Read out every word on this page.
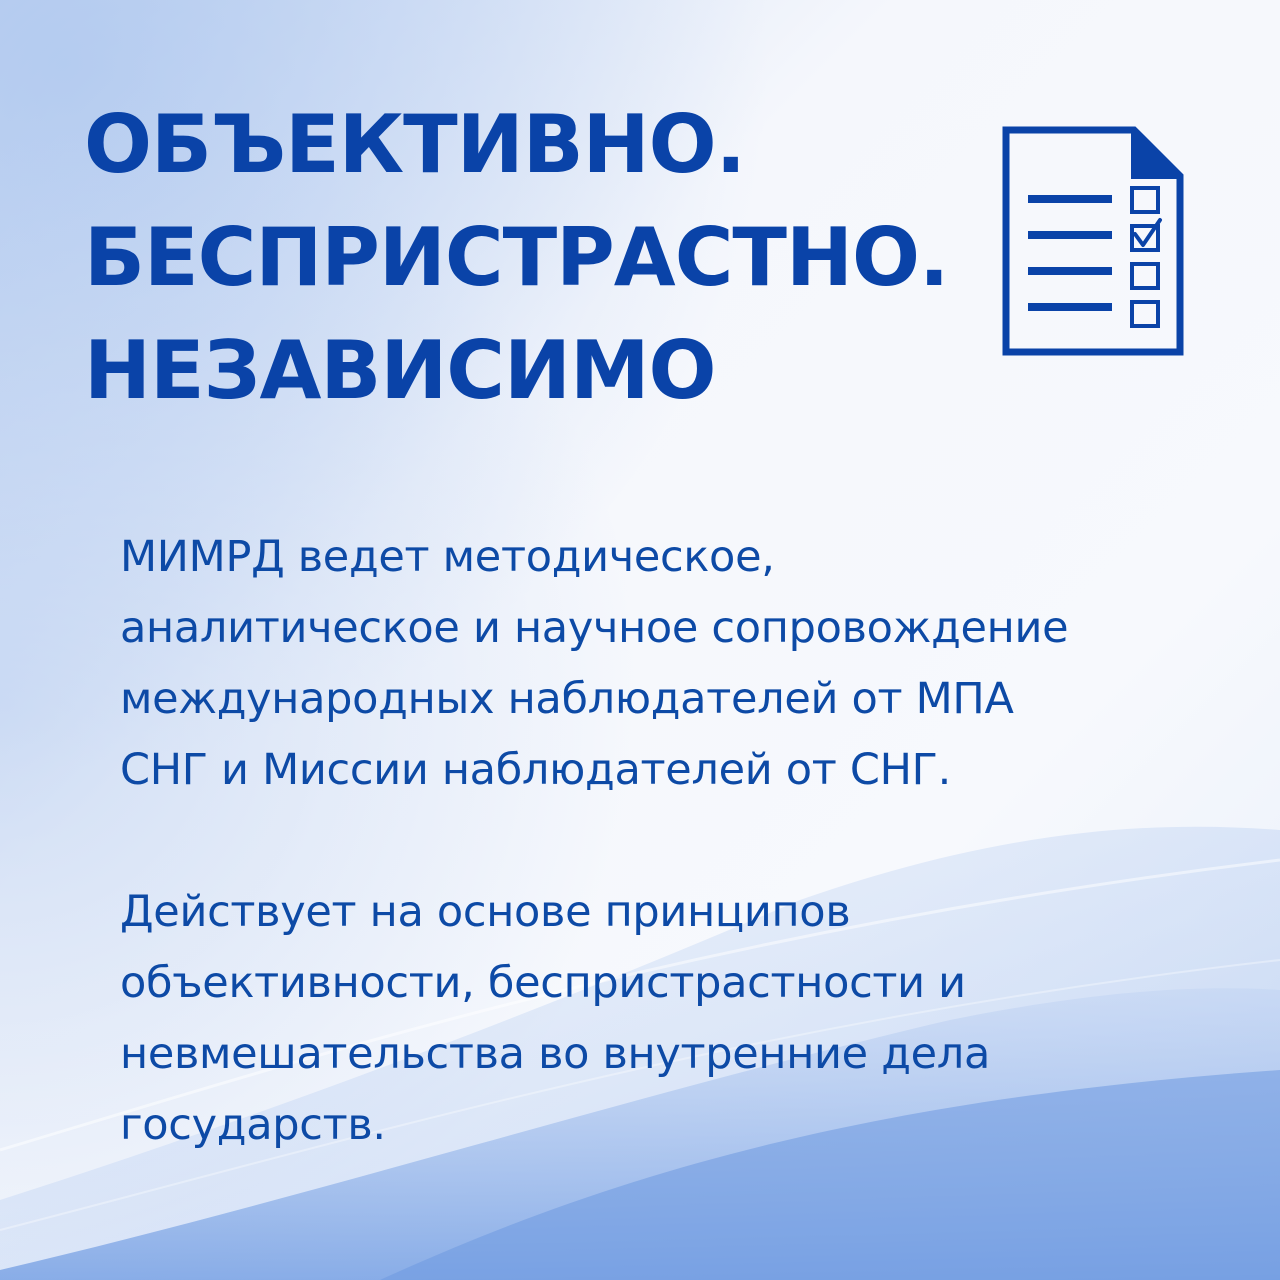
ОБЪЕКТИВНО.
БЕСПРИСТРАСТНО.
НЕЗАВИСИМО

МИМРД ведет методическое,
аналитическое и научное сопровождение
международных наблюдателей от МПА
СНГ и Миссии наблюдателей от СНГ.

Действует на основе принципов
объективности, беспристрастности и
невмешательства во внутренние дела
государств.
